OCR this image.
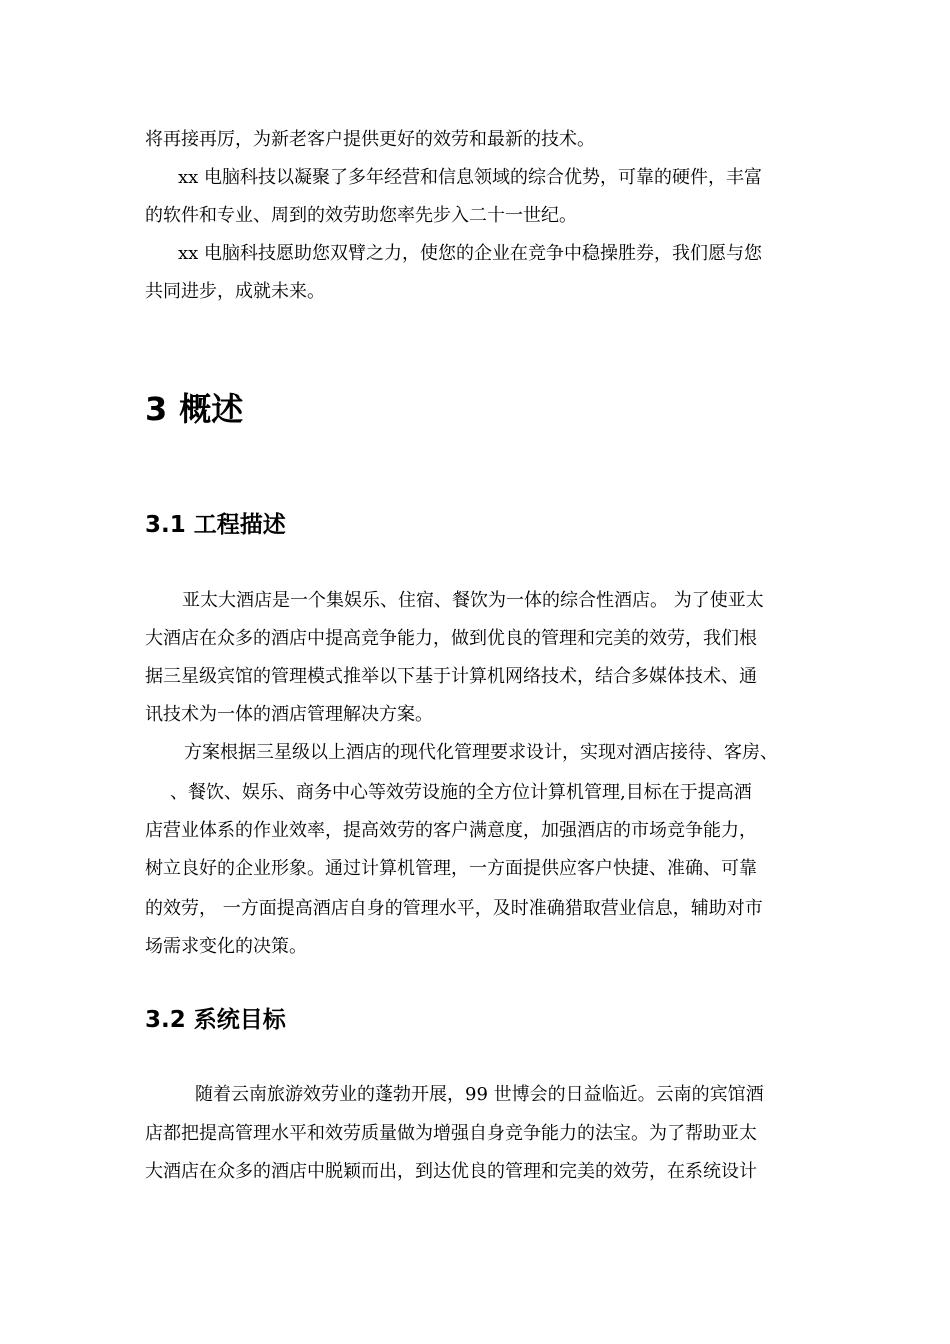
将再接再厉，为新老客户提供更好的效劳和最新的技术。
xx 电脑科技以凝聚了多年经营和信息领域的综合优势，可靠的硬件，丰富
的软件和专业、周到的效劳助您率先步入二十一世纪。
xx 电脑科技愿助您双臂之力，使您的企业在竞争中稳操胜券，我们愿与您
共同进步，成就未来。
3 概述
3.1 工程描述
亚太大酒店是一个集娱乐、住宿、餐饮为一体的综合性酒店。 为了使亚太
大酒店在众多的酒店中提高竞争能力，做到优良的管理和完美的效劳，我们根
据三星级宾馆的管理模式推举以下基于计算机网络技术，结合多媒体技术、通
讯技术为一体的酒店管理解决方案。
方案根据三星级以上酒店的现代化管理要求设计，实现对酒店接待、客房、
、餐饮、娱乐、商务中心等效劳设施的全方位计算机管理,目标在于提高酒
店营业体系的作业效率，提高效劳的客户满意度，加强酒店的市场竞争能力，
树立良好的企业形象。通过计算机管理，一方面提供应客户快捷、准确、可靠
的效劳， 一方面提高酒店自身的管理水平，及时准确猎取营业信息，辅助对市
场需求变化的决策。
3.2 系统目标
随着云南旅游效劳业的蓬勃开展，99 世博会的日益临近。云南的宾馆酒
店都把提高管理水平和效劳质量做为增强自身竞争能力的法宝。为了帮助亚太
大酒店在众多的酒店中脱颖而出，到达优良的管理和完美的效劳，在系统设计
